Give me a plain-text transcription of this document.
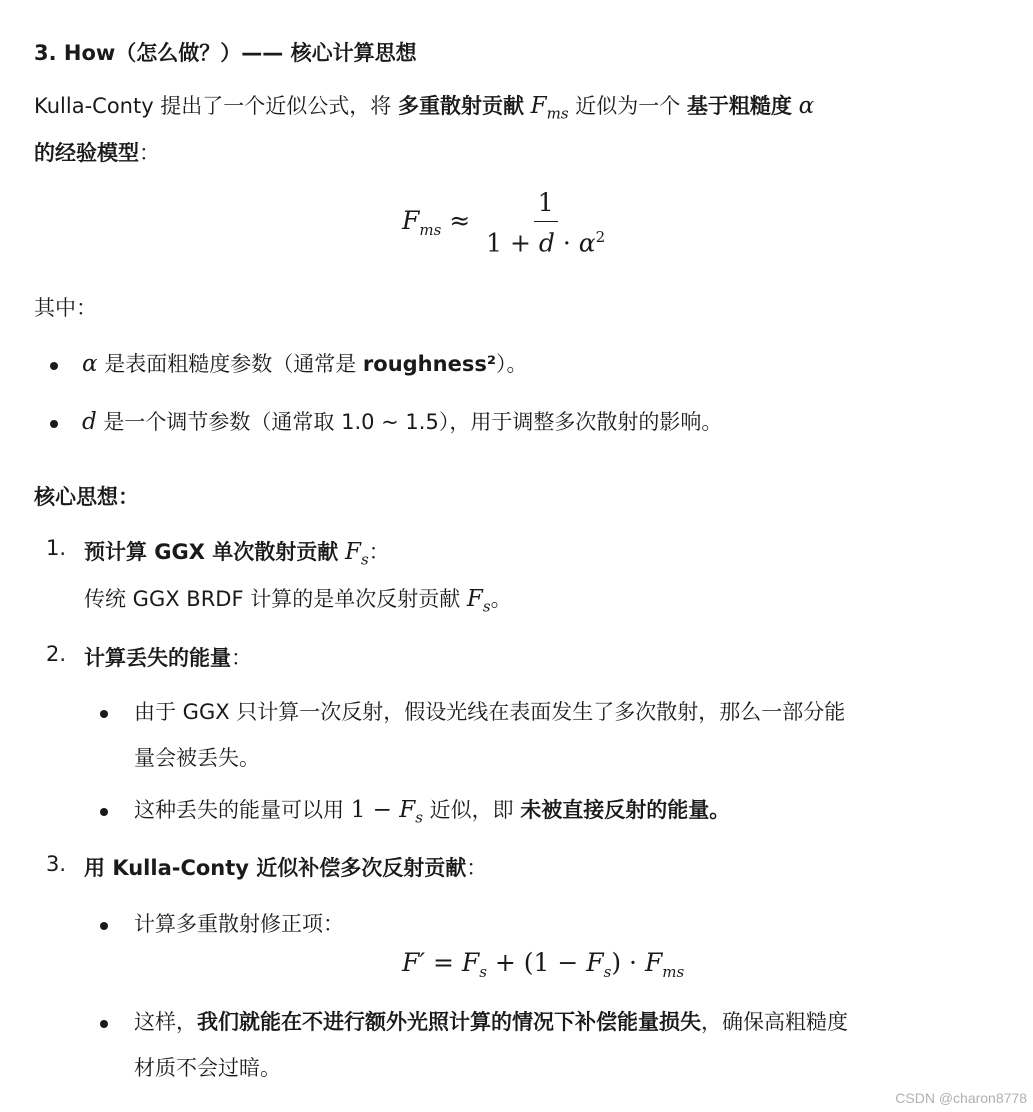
3. How（怎么做？）—— 核心计算思想
Kulla-Conty 提出了一个近似公式，将 多重散射贡献 $F_{ms}$ 近似为一个 基于粗糙度 α
的经验模型：
$F_{ms} \approx \frac{1}{1 + d \cdot \alpha^2}$
其中：
α 是表面粗糙度参数（通常是 roughness²）。
d 是一个调节参数（通常取 1.0 ~ 1.5），用于调整多次散射的影响。
核心思想：
1. 预计算 GGX 单次散射贡献 $F_s$：
传统 GGX BRDF 计算的是单次反射贡献 $F_s$。
2. 计算丢失的能量：
由于 GGX 只计算一次反射，假设光线在表面发生了多次散射，那么一部分能
量会被丢失。
这种丢失的能量可以用 $1 - F_s$ 近似，即 未被直接反射的能量。
3. 用 Kulla-Conty 近似补偿多次反射贡献：
计算多重散射修正项：
$F' = F_s + (1 - F_s) \cdot F_{ms}$
这样，我们就能在不进行额外光照计算的情况下补偿能量损失，确保高粗糙度
材质不会过暗。
CSDN @charon8778
